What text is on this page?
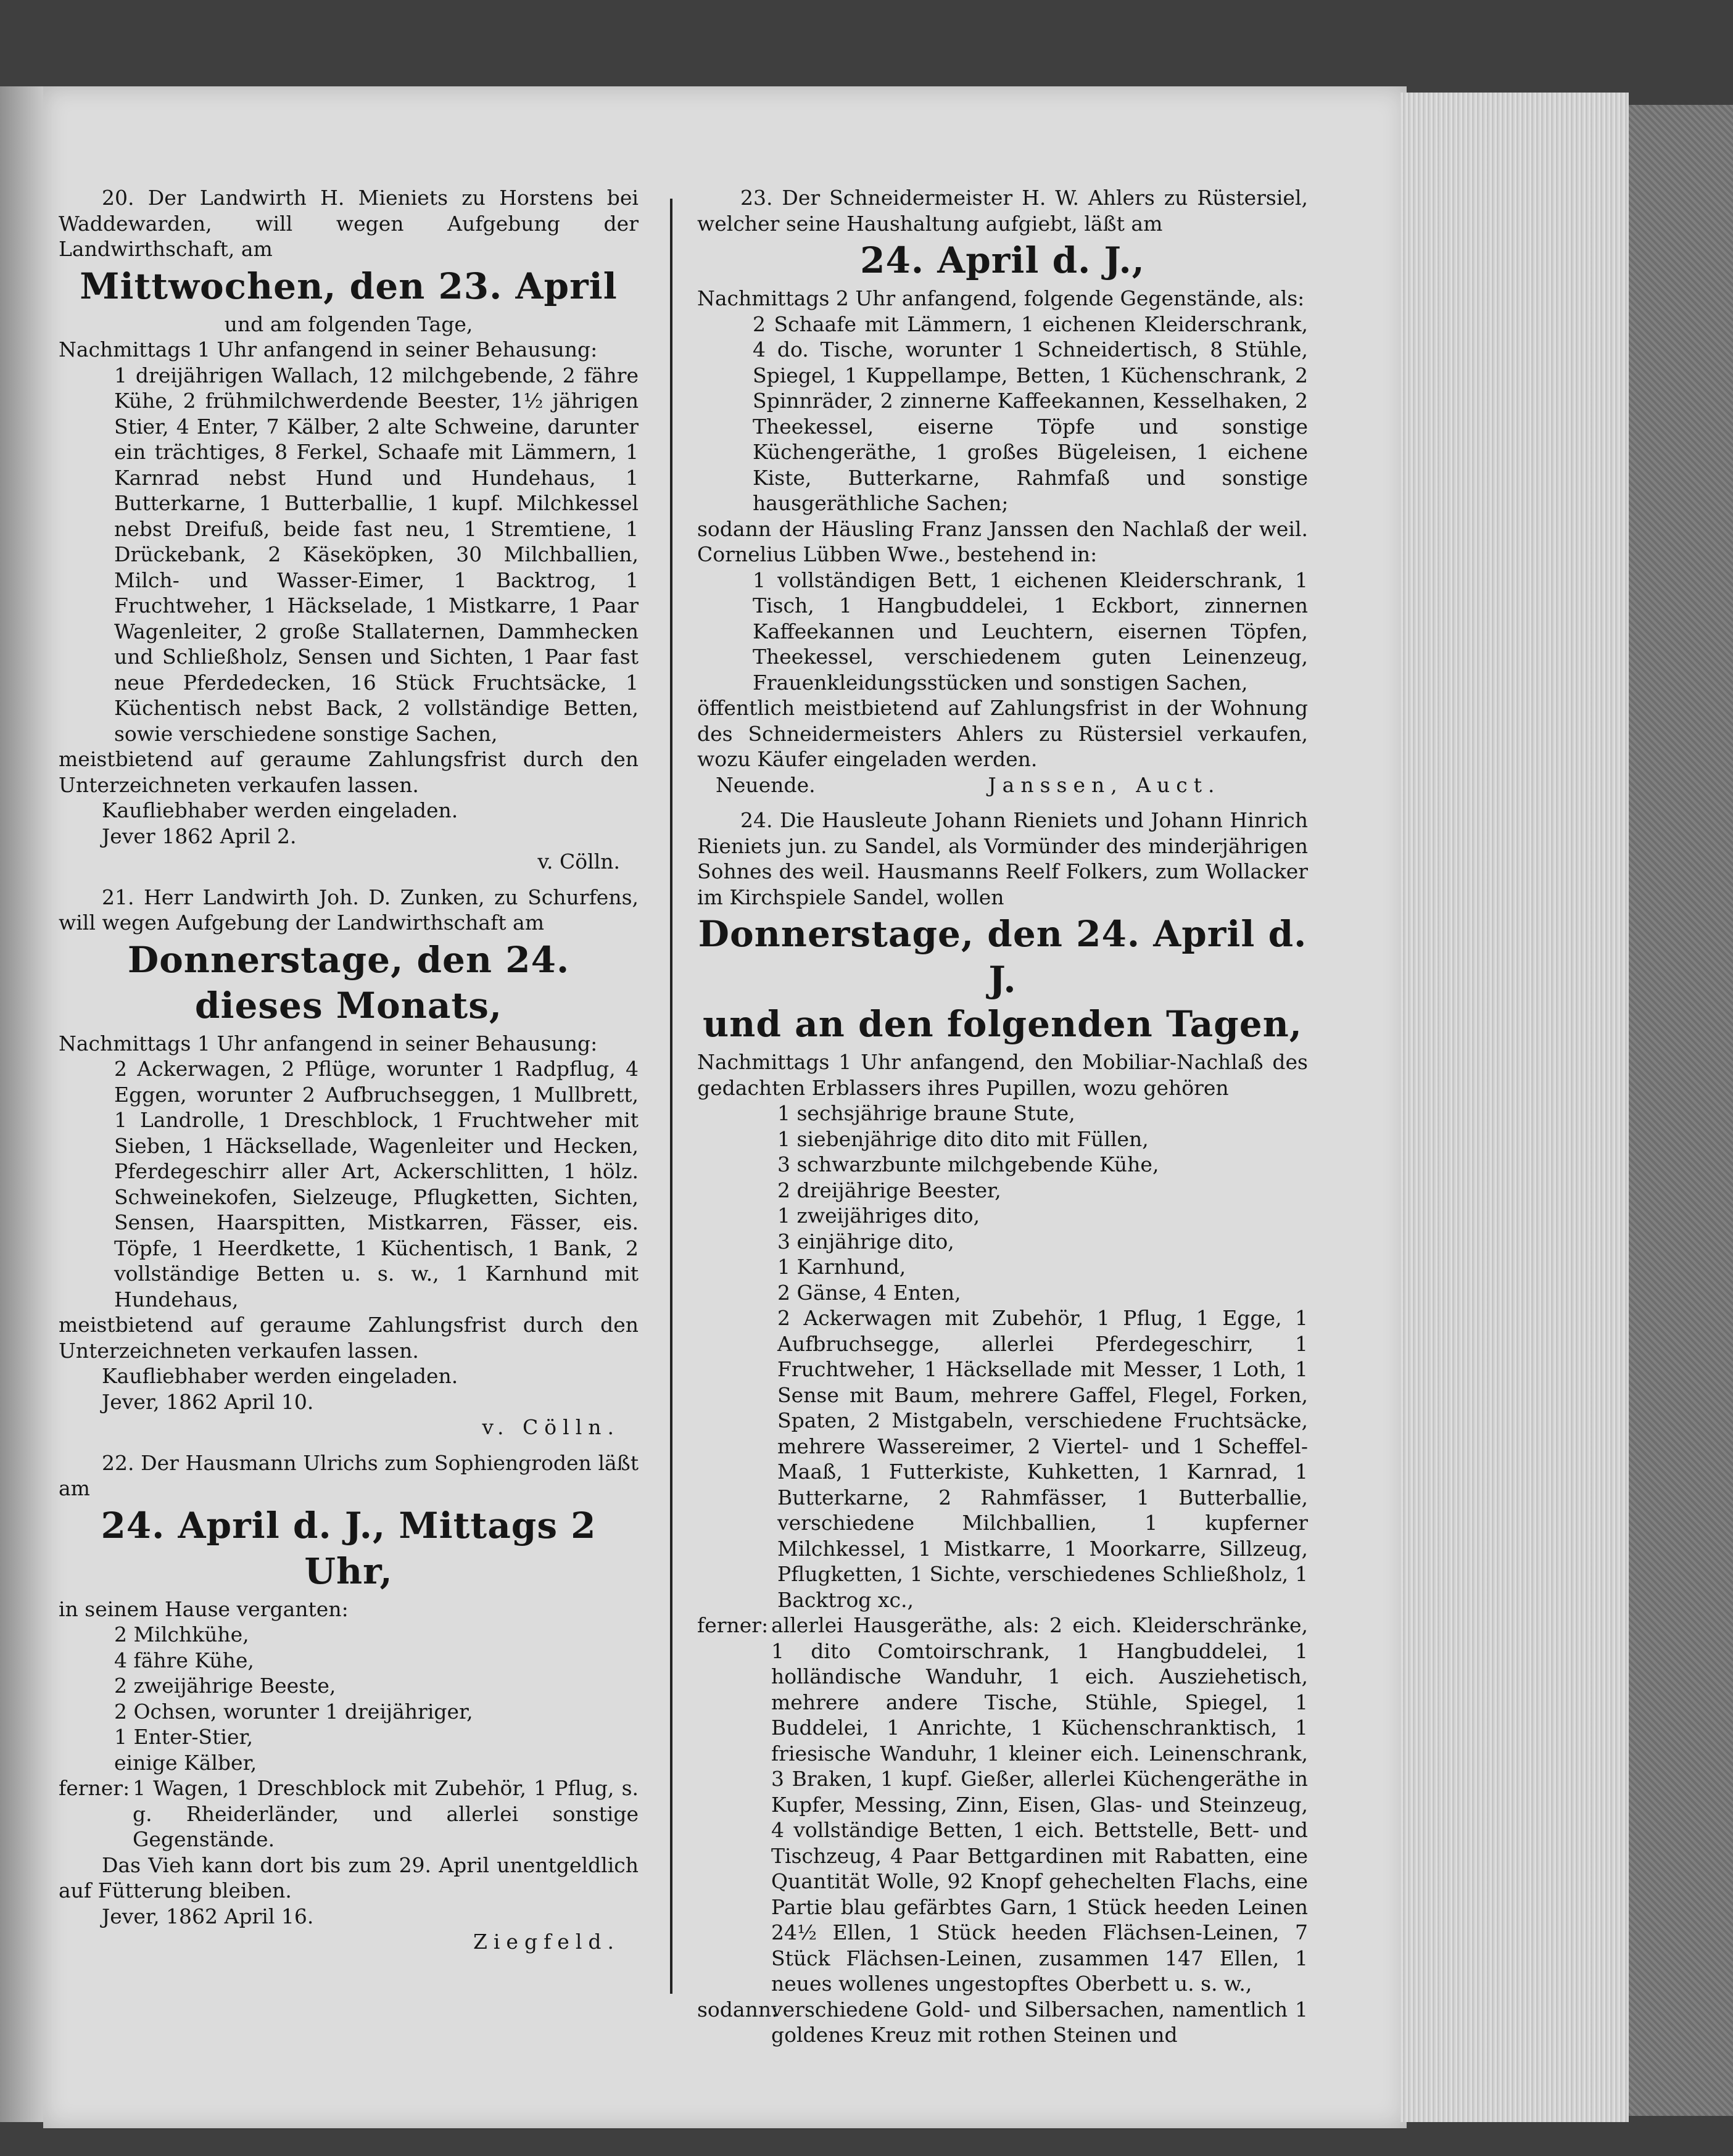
20. Der Landwirth H. Mieniets zu Horstens bei Waddewarden, will wegen Aufgebung der Landwirthschaft, am

Mittwochen, den 23. April

und am folgenden Tage,

Nachmittags 1 Uhr anfangend in seiner Behausung:

1 dreijährigen Wallach, 12 milchgebende, 2 fähre Kühe, 2 frühmilchwerdende Beester, 1½ jährigen Stier, 4 Enter, 7 Kälber, 2 alte Schweine, darunter ein trächtiges, 8 Ferkel, Schaafe mit Lämmern, 1 Karnrad nebst Hund und Hundehaus, 1 Butterkarne, 1 Butterballie, 1 kupf. Milchkessel nebst Dreifuß, beide fast neu, 1 Stremtiene, 1 Drückebank, 2 Käseköpken, 30 Milchballien, Milch- und Wasser-Eimer, 1 Backtrog, 1 Fruchtweher, 1 Häckselade, 1 Mistkarre, 1 Paar Wagenleiter, 2 große Stallaternen, Dammhecken und Schließholz, Sensen und Sichten, 1 Paar fast neue Pferdedecken, 16 Stück Fruchtsäcke, 1 Küchentisch nebst Back, 2 vollständige Betten, sowie verschiedene sonstige Sachen,

meistbietend auf geraume Zahlungsfrist durch den Unterzeichneten verkaufen lassen.

Kaufliebhaber werden eingeladen.

Jever 1862 April 2.

v. Cölln.

21. Herr Landwirth Joh. D. Zunken, zu Schurfens, will wegen Aufgebung der Landwirthschaft am

Donnerstage, den 24. dieses Monats,

Nachmittags 1 Uhr anfangend in seiner Behausung:

2 Ackerwagen, 2 Pflüge, worunter 1 Radpflug, 4 Eggen, worunter 2 Aufbruchseggen, 1 Mullbrett, 1 Landrolle, 1 Dreschblock, 1 Fruchtweher mit Sieben, 1 Häcksellade, Wagenleiter und Hecken, Pferdegeschirr aller Art, Ackerschlitten, 1 hölz. Schweinekofen, Sielzeuge, Pflugketten, Sichten, Sensen, Haarspitten, Mistkarren, Fässer, eis. Töpfe, 1 Heerdkette, 1 Küchentisch, 1 Bank, 2 vollständige Betten u. s. w., 1 Karnhund mit Hundehaus,

meistbietend auf geraume Zahlungsfrist durch den Unterzeichneten verkaufen lassen.

Kaufliebhaber werden eingeladen.

Jever, 1862 April 10.

v. Cölln.

22. Der Hausmann Ulrichs zum Sophiengroden läßt am

24. April d. J., Mittags 2 Uhr,

in seinem Hause verganten:

2 Milchkühe,

4 fähre Kühe,

2 zweijährige Beeste,

2 Ochsen, worunter 1 dreijähriger,

1 Enter-Stier,

einige Kälber,

ferner: 1 Wagen, 1 Dreschblock mit Zubehör, 1 Pflug, s. g. Rheiderländer, und allerlei sonstige Gegenstände.

Das Vieh kann dort bis zum 29. April unentgeldlich auf Fütterung bleiben.

Jever, 1862 April 16.

Ziegfeld.

23. Der Schneidermeister H. W. Ahlers zu Rüstersiel, welcher seine Haushaltung aufgiebt, läßt am

24. April d. J.,

Nachmittags 2 Uhr anfangend, folgende Gegenstände, als:

2 Schaafe mit Lämmern, 1 eichenen Kleiderschrank, 4 do. Tische, worunter 1 Schneidertisch, 8 Stühle, Spiegel, 1 Kuppellampe, Betten, 1 Küchenschrank, 2 Spinnräder, 2 zinnerne Kaffeekannen, Kesselhaken, 2 Theekessel, eiserne Töpfe und sonstige Küchengeräthe, 1 großes Bügeleisen, 1 eichene Kiste, Butterkarne, Rahmfaß und sonstige hausgeräthliche Sachen;

sodann der Häusling Franz Janssen den Nachlaß der weil. Cornelius Lübben Wwe., bestehend in:

1 vollständigen Bett, 1 eichenen Kleiderschrank, 1 Tisch, 1 Hangbuddelei, 1 Eckbort, zinnernen Kaffeekannen und Leuchtern, eisernen Töpfen, Theekessel, verschiedenem guten Leinenzeug, Frauenkleidungsstücken und sonstigen Sachen,

öffentlich meistbietend auf Zahlungsfrist in der Wohnung des Schneidermeisters Ahlers zu Rüstersiel verkaufen, wozu Käufer eingeladen werden.

Neuende.	Janssen, Auct.

24. Die Hausleute Johann Rieniets und Johann Hinrich Rieniets jun. zu Sandel, als Vormünder des minderjährigen Sohnes des weil. Hausmanns Reelf Folkers, zum Wollacker im Kirchspiele Sandel, wollen

Donnerstage, den 24. April d. J.
und an den folgenden Tagen,

Nachmittags 1 Uhr anfangend, den Mobiliar-Nachlaß des gedachten Erblassers ihres Pupillen, wozu gehören

1 sechsjährige braune Stute,

1 siebenjährige dito dito mit Füllen,

3 schwarzbunte milchgebende Kühe,

2 dreijährige Beester,

1 zweijähriges dito,

3 einjährige dito,

1 Karnhund,

2 Gänse, 4 Enten,

2 Ackerwagen mit Zubehör, 1 Pflug, 1 Egge, 1 Aufbruchsegge, allerlei Pferdegeschirr, 1 Fruchtweher, 1 Häcksellade mit Messer, 1 Loth, 1 Sense mit Baum, mehrere Gaffel, Flegel, Forken, Spaten, 2 Mistgabeln, verschiedene Fruchtsäcke, mehrere Wassereimer, 2 Viertel- und 1 Scheffel-Maaß, 1 Futterkiste, Kuhketten, 1 Karnrad, 1 Butterkarne, 2 Rahmfässer, 1 Butterballie, verschiedene Milchballien, 1 kupferner Milchkessel, 1 Mistkarre, 1 Moorkarre, Sillzeug, Pflugketten, 1 Sichte, verschiedenes Schließholz, 1 Backtrog xc.,

ferner: allerlei Hausgeräthe, als: 2 eich. Kleiderschränke, 1 dito Comtoirschrank, 1 Hangbuddelei, 1 holländische Wanduhr, 1 eich. Ausziehetisch, mehrere andere Tische, Stühle, Spiegel, 1 Buddelei, 1 Anrichte, 1 Küchenschranktisch, 1 friesische Wanduhr, 1 kleiner eich. Leinenschrank, 3 Braken, 1 kupf. Gießer, allerlei Küchengeräthe in Kupfer, Messing, Zinn, Eisen, Glas- und Steinzeug, 4 vollständige Betten, 1 eich. Bettstelle, Bett- und Tischzeug, 4 Paar Bettgardinen mit Rabatten, eine Quantität Wolle, 92 Knopf gehechelten Flachs, eine Partie blau gefärbtes Garn, 1 Stück heeden Leinen 24½ Ellen, 1 Stück heeden Flächsen-Leinen, 7 Stück Flächsen-Leinen, zusammen 147 Ellen, 1 neues wollenes ungestopftes Oberbett u. s. w.,
sodann:
verschiedene Gold- und Silbersachen, namentlich 1 goldenes Kreuz mit rothen Steinen und
